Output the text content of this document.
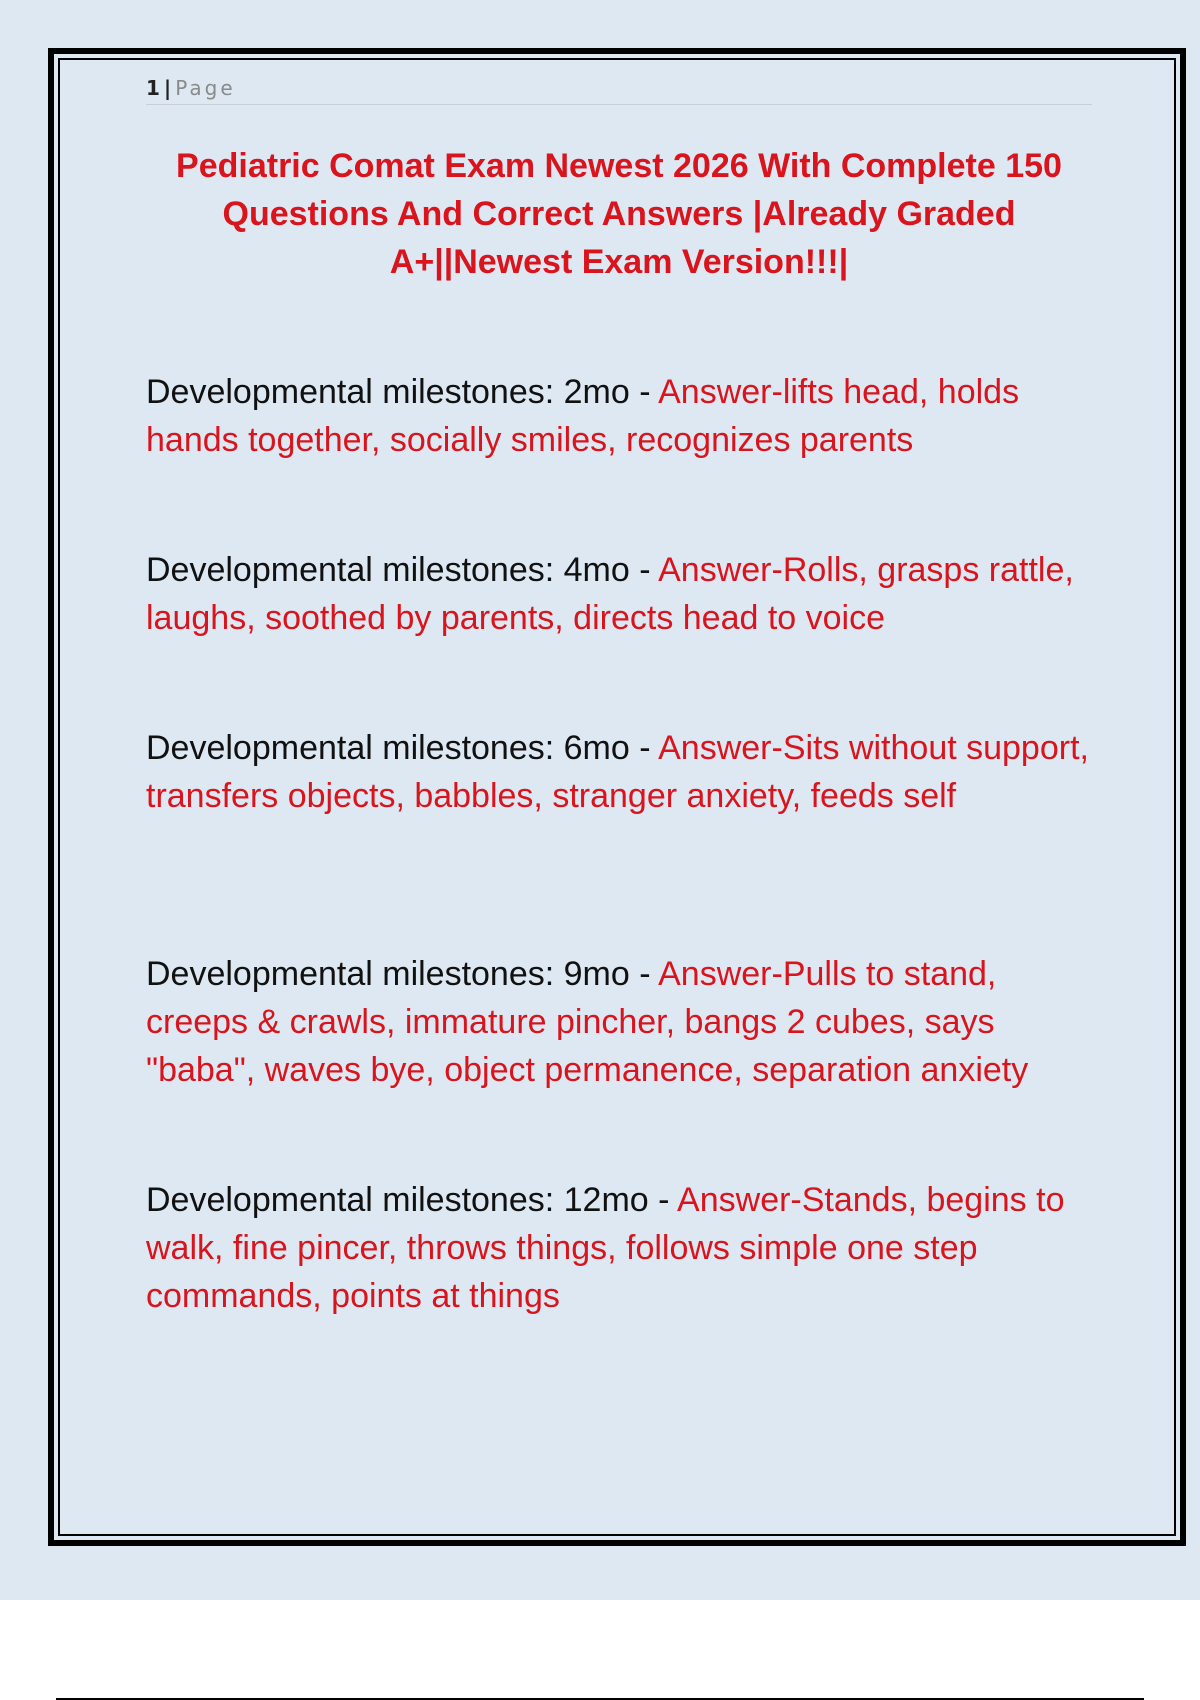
1 | Page
Pediatric Comat Exam Newest 2026 With Complete 150 Questions And Correct Answers |Already Graded A+||Newest Exam Version!!!|

Developmental milestones: 2mo - Answer-lifts head, holds hands together, socially smiles, recognizes parents

Developmental milestones: 4mo - Answer-Rolls, grasps rattle, laughs, soothed by parents, directs head to voice

Developmental milestones: 6mo - Answer-Sits without support, transfers objects, babbles, stranger anxiety, feeds self

Developmental milestones: 9mo - Answer-Pulls to stand, creeps & crawls, immature pincher, bangs 2 cubes, says "baba", waves bye, object permanence, separation anxiety

Developmental milestones: 12mo - Answer-Stands, begins to walk, fine pincer, throws things, follows simple one step commands, points at things
